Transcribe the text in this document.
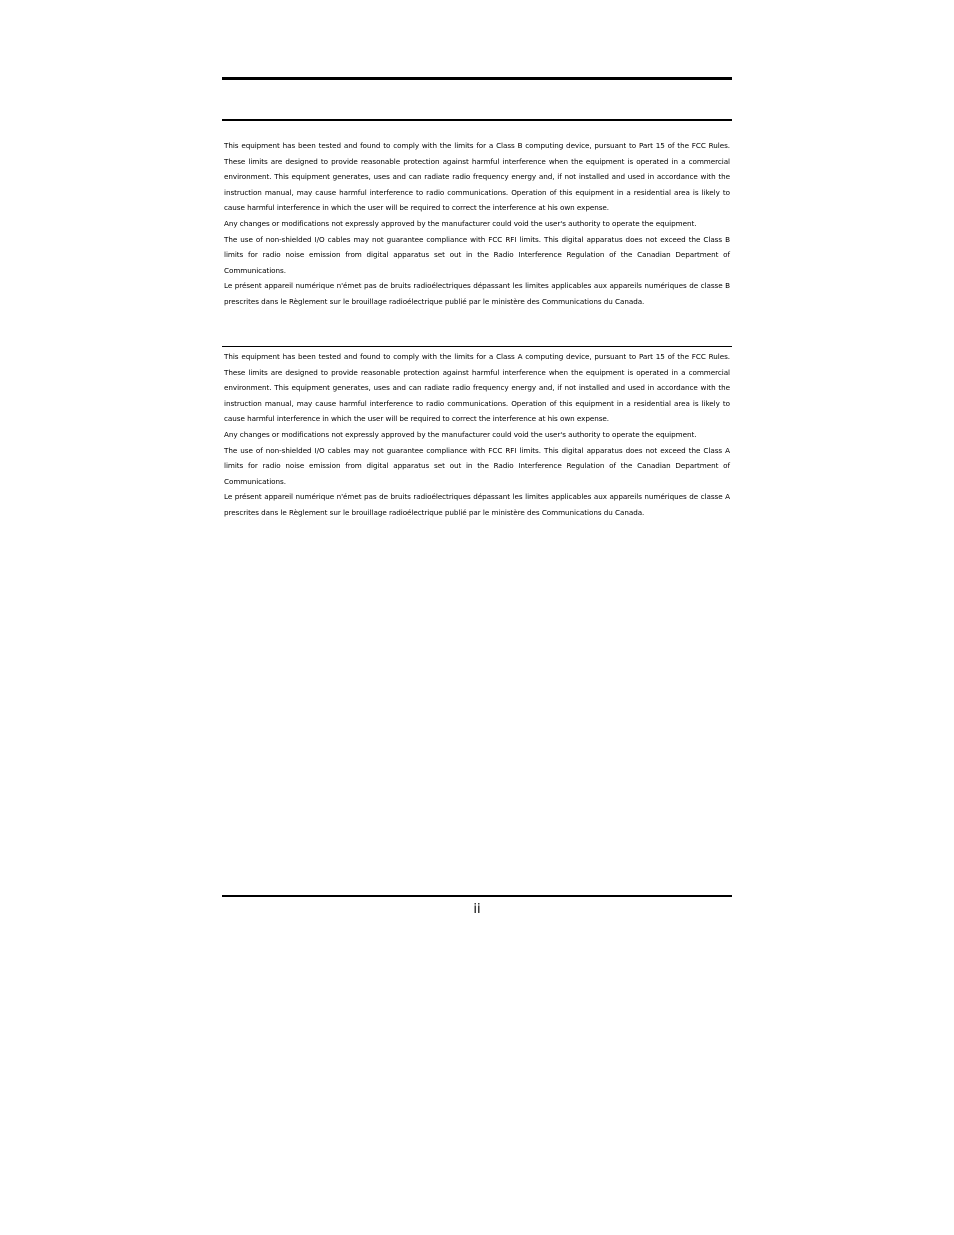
This equipment has been tested and found to comply with the limits for a Class B computing device, pursuant to Part 15 of the FCC Rules. These limits are designed to provide reasonable protection against harmful interference when the equipment is operated in a commercial environment. This equipment generates, uses and can radiate radio frequency energy and, if not installed and used in accordance with the instruction manual, may cause harmful interference to radio communications. Operation of this equipment in a residential area is likely to cause harmful interference in which the user will be required to correct the interference at his own expense.

Any changes or modifications not expressly approved by the manufacturer could void the user's authority to operate the equipment.

The use of non-shielded I/O cables may not guarantee compliance with FCC RFI limits. This digital apparatus does not exceed the Class B limits for radio noise emission from digital apparatus set out in the Radio Interference Regulation of the Canadian Department of Communications.

Le présent appareil numérique n'émet pas de bruits radioélectriques dépassant les limites applicables aux appareils numériques de classe B prescrites dans le Règlement sur le brouillage radioélectrique publié par le ministère des Communications du Canada.

This equipment has been tested and found to comply with the limits for a Class A computing device, pursuant to Part 15 of the FCC Rules. These limits are designed to provide reasonable protection against harmful interference when the equipment is operated in a commercial environment. This equipment generates, uses and can radiate radio frequency energy and, if not installed and used in accordance with the instruction manual, may cause harmful interference to radio communications. Operation of this equipment in a residential area is likely to cause harmful interference in which the user will be required to correct the interference at his own expense.

Any changes or modifications not expressly approved by the manufacturer could void the user's authority to operate the equipment.

The use of non-shielded I/O cables may not guarantee compliance with FCC RFI limits. This digital apparatus does not exceed the Class A limits for radio noise emission from digital apparatus set out in the Radio Interference Regulation of the Canadian Department of Communications.

Le présent appareil numérique n'émet pas de bruits radioélectriques dépassant les limites applicables aux appareils numériques de classe A prescrites dans le Règlement sur le brouillage radioélectrique publié par le ministère des Communications du Canada.

ii
